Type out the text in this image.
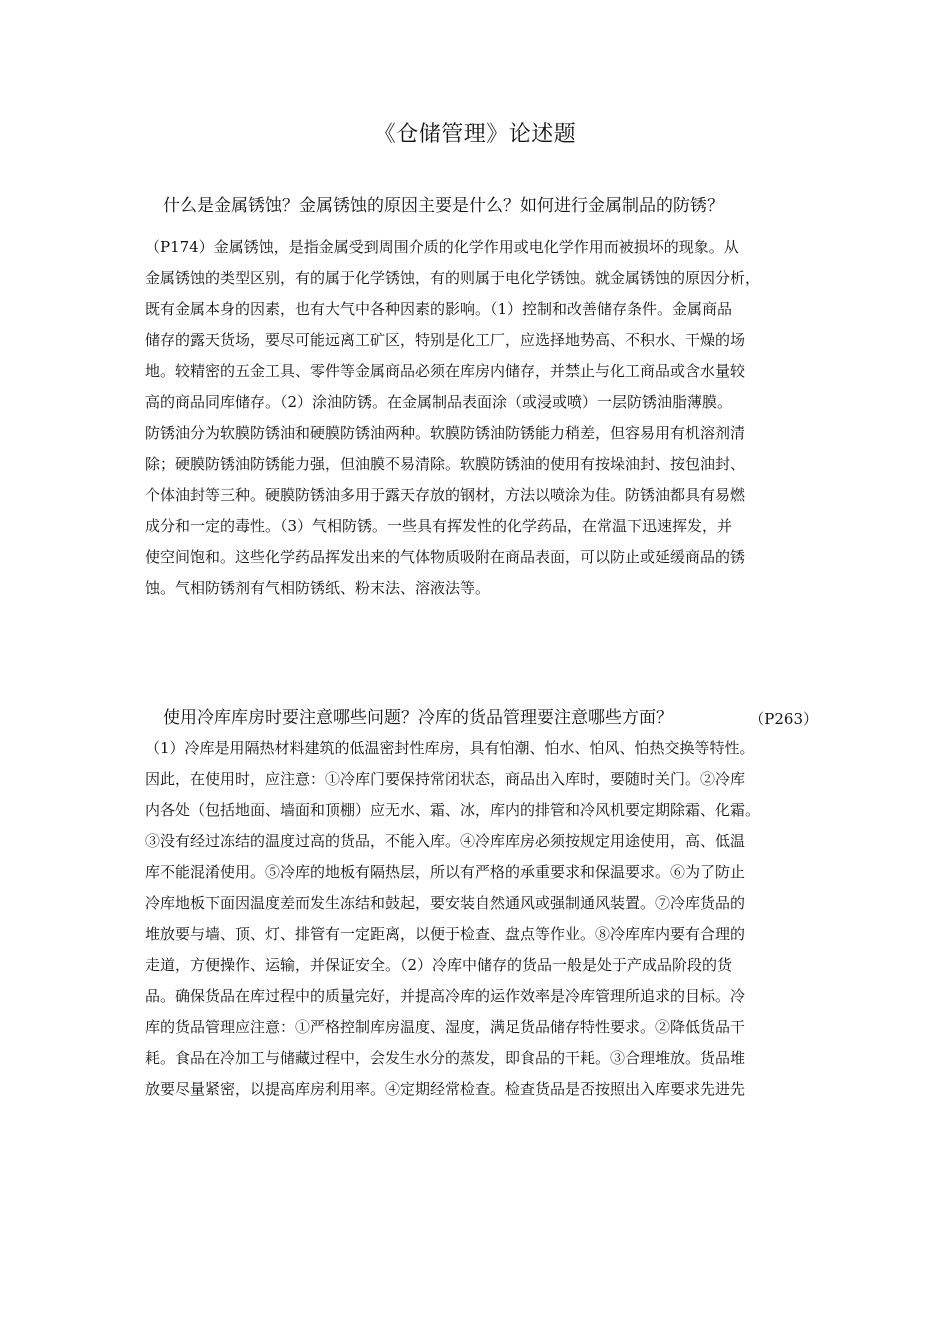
《仓储管理》论述题
什么是金属锈蚀？金属锈蚀的原因主要是什么？如何进行金属制品的防锈？
（P174）金属锈蚀，是指金属受到周围介质的化学作用或电化学作用而被损坏的现象。从
金属锈蚀的类型区别，有的属于化学锈蚀，有的则属于电化学锈蚀。就金属锈蚀的原因分析，
既有金属本身的因素，也有大气中各种因素的影响。（1）控制和改善储存条件。金属商品
储存的露天货场，要尽可能远离工矿区，特别是化工厂，应选择地势高、不积水、干燥的场
地。较精密的五金工具、零件等金属商品必须在库房内储存，并禁止与化工商品或含水量较
高的商品同库储存。（2）涂油防锈。在金属制品表面涂（或浸或喷）一层防锈油脂薄膜。
防锈油分为软膜防锈油和硬膜防锈油两种。软膜防锈油防锈能力稍差，但容易用有机溶剂清
除；硬膜防锈油防锈能力强，但油膜不易清除。软膜防锈油的使用有按垛油封、按包油封、
个体油封等三种。硬膜防锈油多用于露天存放的钢材，方法以喷涂为佳。防锈油都具有易燃
成分和一定的毒性。（3）气相防锈。一些具有挥发性的化学药品，在常温下迅速挥发，并
使空间饱和。这些化学药品挥发出来的气体物质吸附在商品表面，可以防止或延缓商品的锈
蚀。气相防锈剂有气相防锈纸、粉末法、溶液法等。
使用冷库库房时要注意哪些问题？冷库的货品管理要注意哪些方面？	（P263）
（1）冷库是用隔热材料建筑的低温密封性库房，具有怕潮、怕水、怕风、怕热交换等特性。
因此，在使用时，应注意：①冷库门要保持常闭状态，商品出入库时，要随时关门。②冷库
内各处（包括地面、墙面和顶棚）应无水、霜、冰，库内的排管和冷风机要定期除霜、化霜。
③没有经过冻结的温度过高的货品，不能入库。④冷库库房必须按规定用途使用，高、低温
库不能混淆使用。⑤冷库的地板有隔热层，所以有严格的承重要求和保温要求。⑥为了防止
冷库地板下面因温度差而发生冻结和鼓起，要安装自然通风或强制通风装置。⑦冷库货品的
堆放要与墙、顶、灯、排管有一定距离，以便于检查、盘点等作业。⑧冷库库内要有合理的
走道，方便操作、运输，并保证安全。（2）冷库中储存的货品一般是处于产成品阶段的货
品。确保货品在库过程中的质量完好，并提高冷库的运作效率是冷库管理所追求的目标。冷
库的货品管理应注意：①严格控制库房温度、湿度，满足货品储存特性要求。②降低货品干
耗。食品在冷加工与储藏过程中，会发生水分的蒸发，即食品的干耗。③合理堆放。货品堆
放要尽量紧密，以提高库房利用率。④定期经常检查。检查货品是否按照出入库要求先进先
